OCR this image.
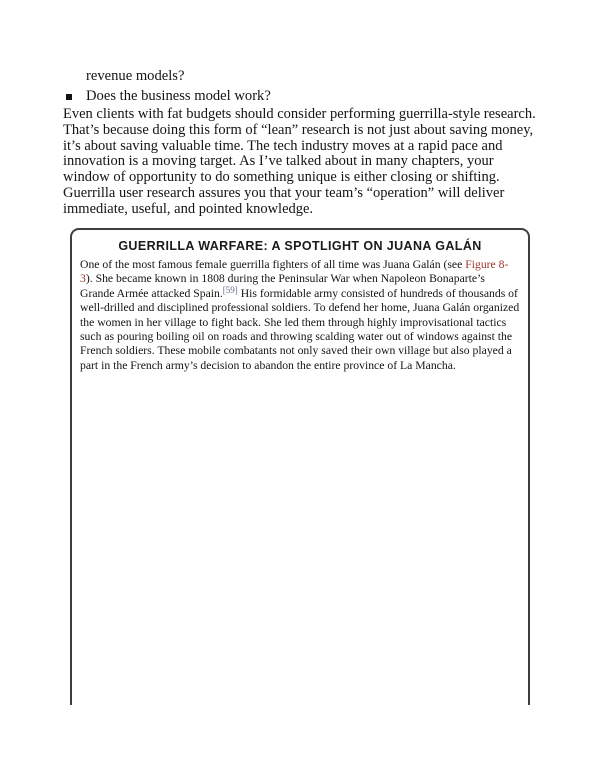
revenue models?
Does the business model work?
Even clients with fat budgets should consider performing guerrilla-style research. That’s because doing this form of “lean” research is not just about saving money, it’s about saving valuable time. The tech industry moves at a rapid pace and innovation is a moving target. As I’ve talked about in many chapters, your window of opportunity to do something unique is either closing or shifting. Guerrilla user research assures you that your team’s “operation” will deliver immediate, useful, and pointed knowledge.
GUERRILLA WARFARE: A SPOTLIGHT ON JUANA GALÁN
One of the most famous female guerrilla fighters of all time was Juana Galán (see Figure 8-3). She became known in 1808 during the Peninsular War when Napoleon Bonaparte’s Grande Armée attacked Spain.[59] His formidable army consisted of hundreds of thousands of well-drilled and disciplined professional soldiers. To defend her home, Juana Galán organized the women in her village to fight back. She led them through highly improvisational tactics such as pouring boiling oil on roads and throwing scalding water out of windows against the French soldiers. These mobile combatants not only saved their own village but also played a part in the French army’s decision to abandon the entire province of La Mancha.
